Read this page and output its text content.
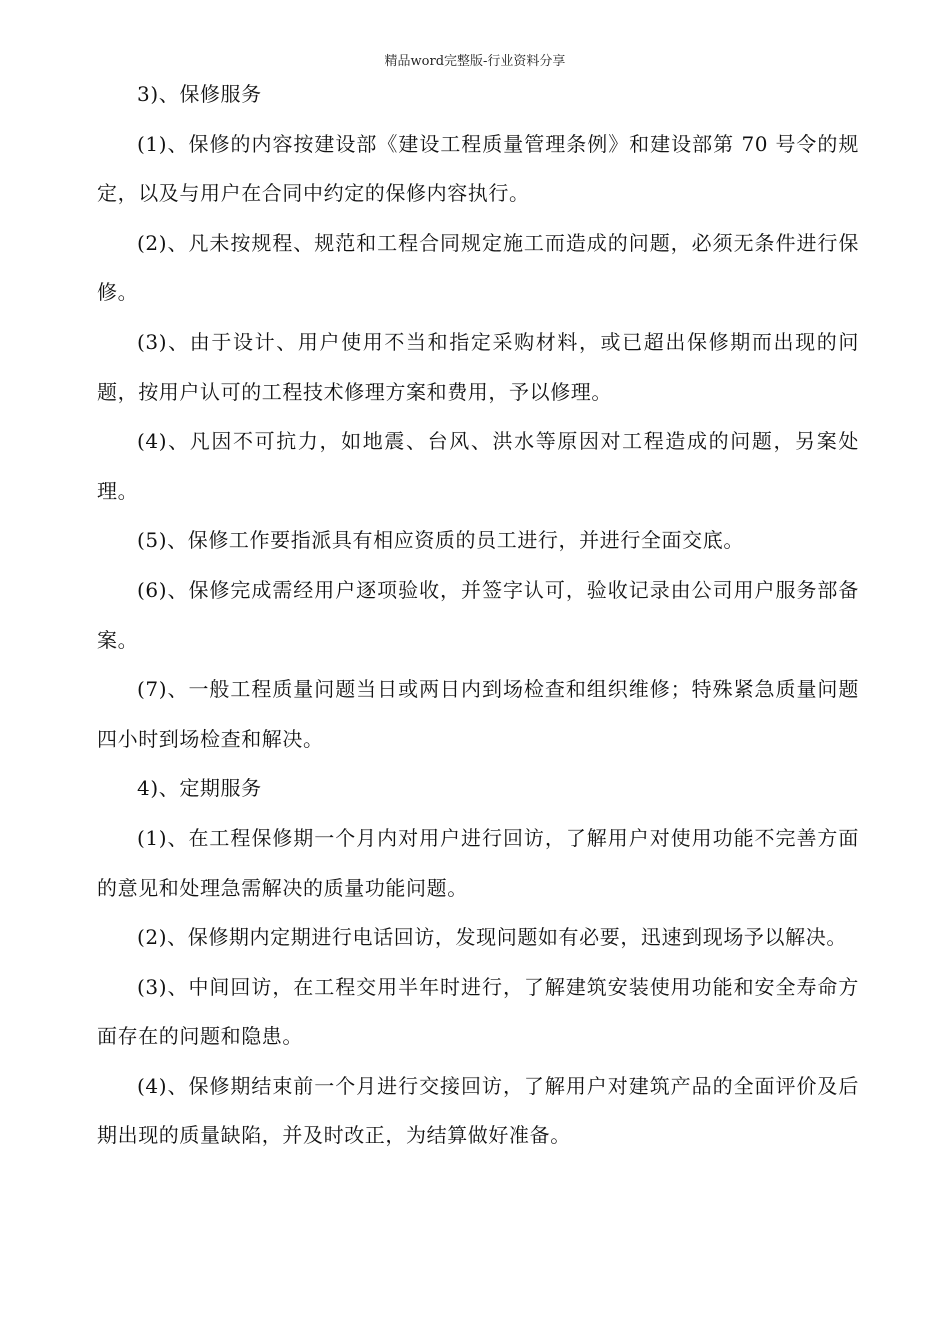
精品word完整版-行业资料分享

3)、保修服务

(1)、保修的内容按建设部《建设工程质量管理条例》和建设部第 70 号令的规定，以及与用户在合同中约定的保修内容执行。

(2)、凡未按规程、规范和工程合同规定施工而造成的问题，必须无条件进行保修。

(3)、由于设计、用户使用不当和指定采购材料，或已超出保修期而出现的问题，按用户认可的工程技术修理方案和费用，予以修理。

(4)、凡因不可抗力，如地震、台风、洪水等原因对工程造成的问题，另案处理。

(5)、保修工作要指派具有相应资质的员工进行，并进行全面交底。

(6)、保修完成需经用户逐项验收，并签字认可，验收记录由公司用户服务部备案。

(7)、一般工程质量问题当日或两日内到场检查和组织维修；特殊紧急质量问题四小时到场检查和解决。

4)、定期服务

(1)、在工程保修期一个月内对用户进行回访，了解用户对使用功能不完善方面的意见和处理急需解决的质量功能问题。

(2)、保修期内定期进行电话回访，发现问题如有必要，迅速到现场予以解决。

(3)、中间回访，在工程交用半年时进行，了解建筑安装使用功能和安全寿命方面存在的问题和隐患。

(4)、保修期结束前一个月进行交接回访，了解用户对建筑产品的全面评价及后期出现的质量缺陷，并及时改正，为结算做好准备。
